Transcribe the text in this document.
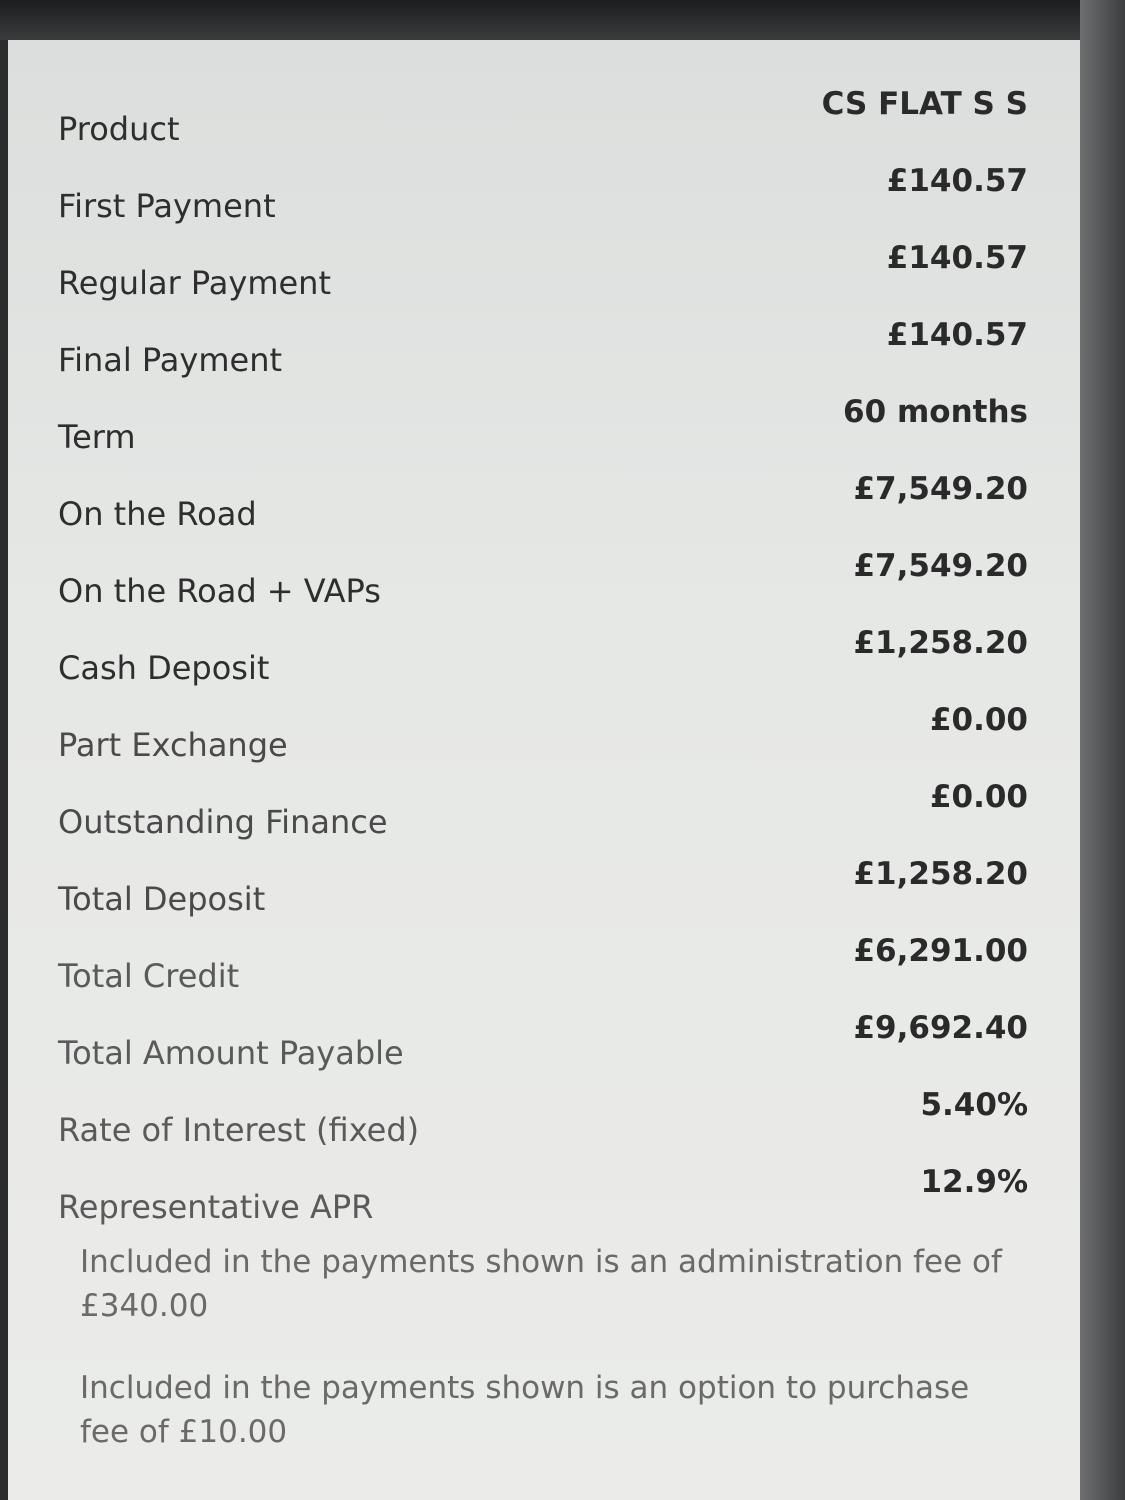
Product
CS FLAT S S
First Payment
£140.57
Regular Payment
£140.57
Final Payment
£140.57
Term
60 months
On the Road
£7,549.20
On the Road + VAPs
£7,549.20
Cash Deposit
£1,258.20
Part Exchange
£0.00
Outstanding Finance
£0.00
Total Deposit
£1,258.20
Total Credit
£6,291.00
Total Amount Payable
£9,692.40
Rate of Interest (fixed)
5.40%
Representative APR
12.9%
Included in the payments shown is an administration fee of £340.00
Included in the payments shown is an option to purchase fee of £10.00
